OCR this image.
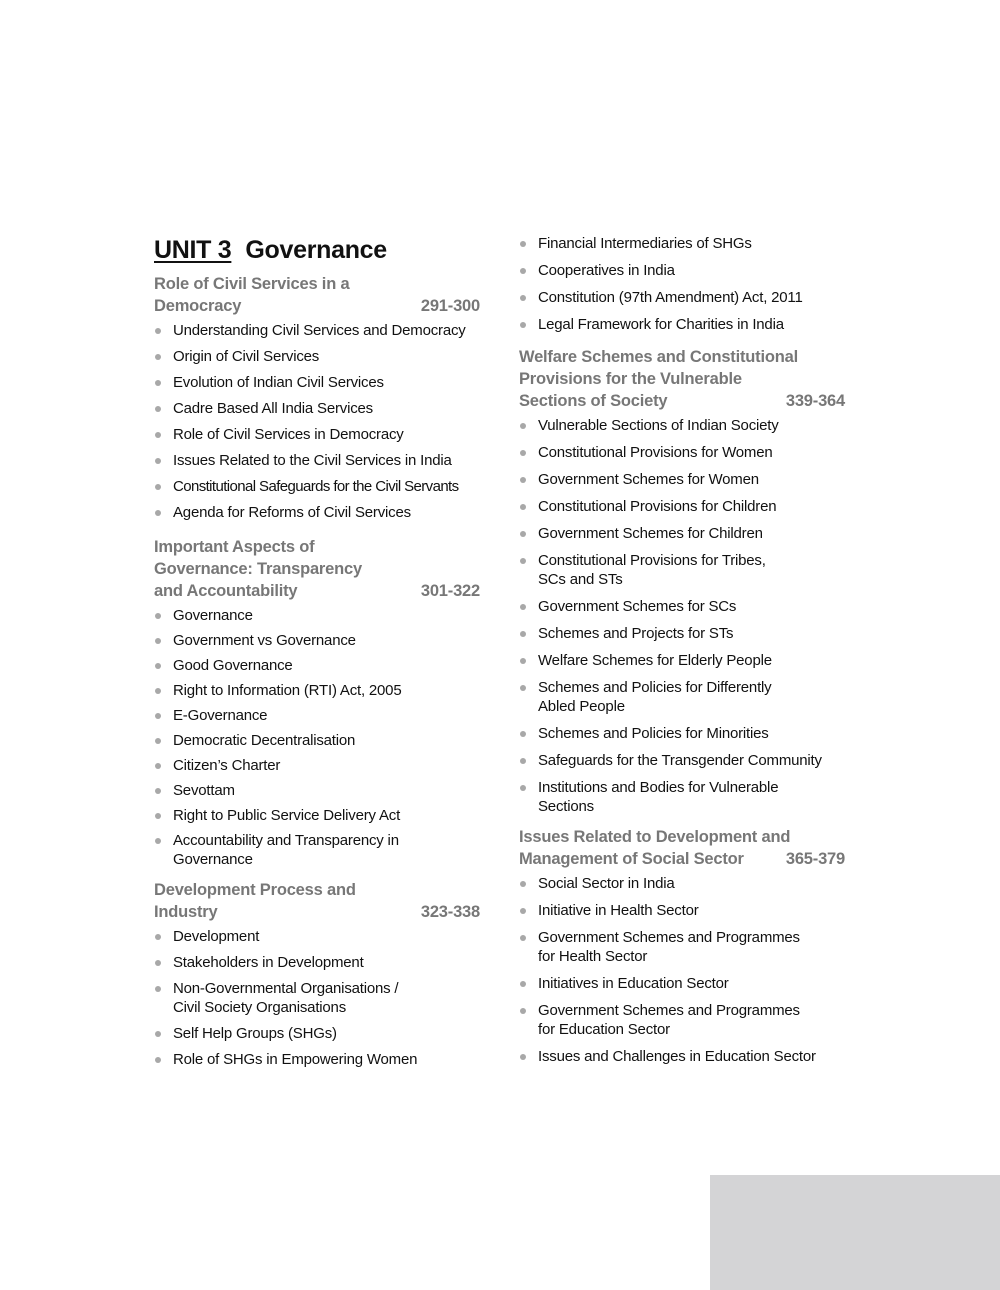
UNIT 3 Governance
Role of Civil Services in a
Democracy	291-300
Understanding Civil Services and Democracy
Origin of Civil Services
Evolution of Indian Civil Services
Cadre Based All India Services
Role of Civil Services in Democracy
Issues Related to the Civil Services in India
Constitutional Safeguards for the Civil Servants
Agenda for Reforms of Civil Services
Important Aspects of
Governance: Transparency
and Accountability	301-322
Governance
Government vs Governance
Good Governance
Right to Information (RTI) Act, 2005
E-Governance
Democratic Decentralisation
Citizen’s Charter
Sevottam
Right to Public Service Delivery Act
Accountability and Transparency in Governance
Development Process and
Industry	323-338
Development
Stakeholders in Development
Non-Governmental Organisations / Civil Society Organisations
Self Help Groups (SHGs)
Role of SHGs in Empowering Women
Financial Intermediaries of SHGs
Cooperatives in India
Constitution (97th Amendment) Act, 2011
Legal Framework for Charities in India
Welfare Schemes and Constitutional
Provisions for the Vulnerable
Sections of Society	339-364
Vulnerable Sections of Indian Society
Constitutional Provisions for Women
Government Schemes for Women
Constitutional Provisions for Children
Government Schemes for Children
Constitutional Provisions for Tribes, SCs and STs
Government Schemes for SCs
Schemes and Projects for STs
Welfare Schemes for Elderly People
Schemes and Policies for Differently Abled People
Schemes and Policies for Minorities
Safeguards for the Transgender Community
Institutions and Bodies for Vulnerable Sections
Issues Related to Development and
Management of Social Sector	365-379
Social Sector in India
Initiative in Health Sector
Government Schemes and Programmes for Health Sector
Initiatives in Education Sector
Government Schemes and Programmes for Education Sector
Issues and Challenges in Education Sector
